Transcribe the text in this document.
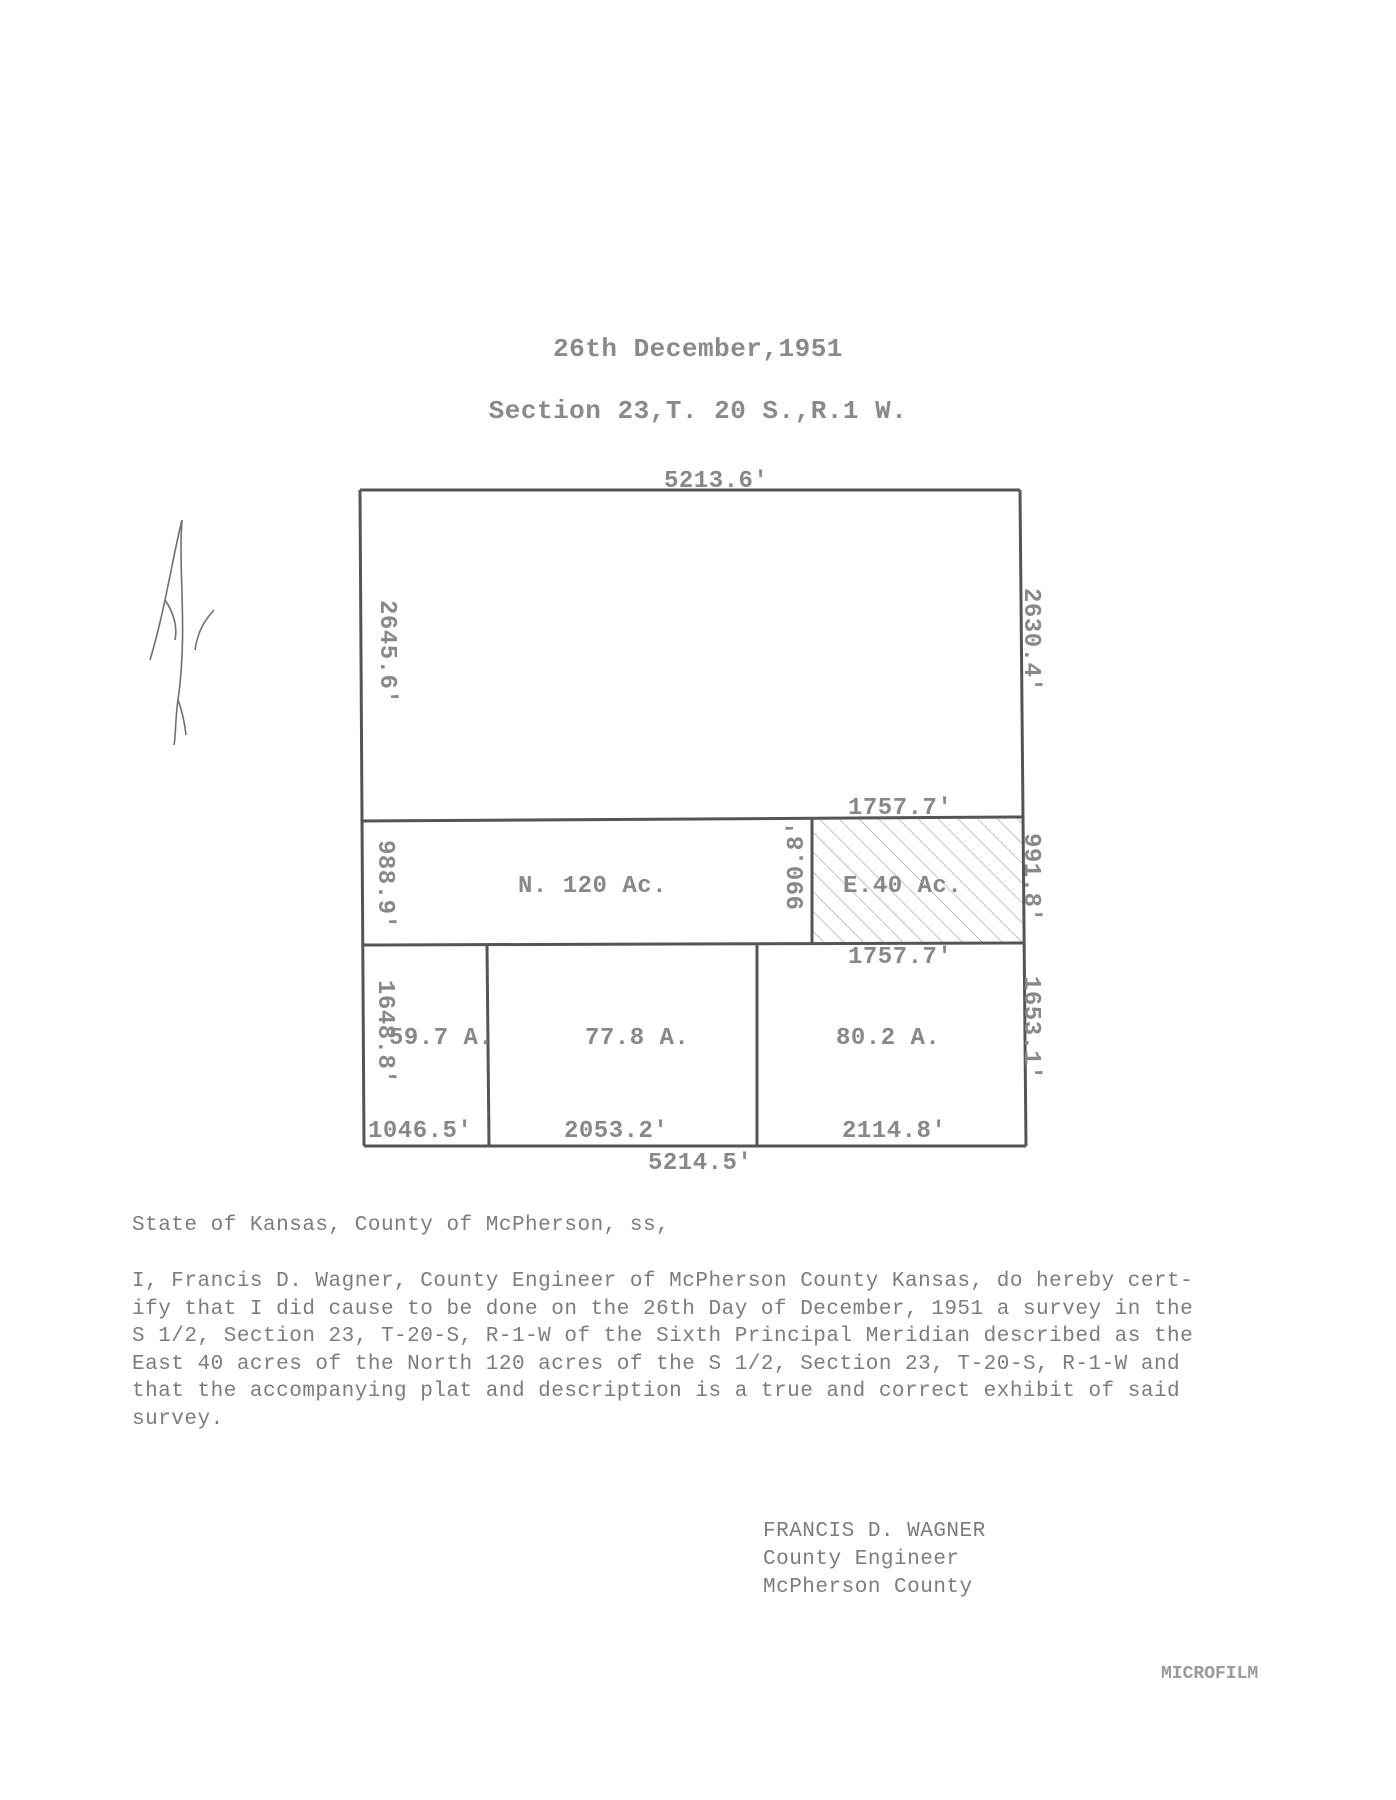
26th December,1951
Section 23,T. 20 S.,R.1 W.
5213.6'
5214.5'
2645.6'	2630.4'
1757.7'
1757.7'
988.9'	991.8'
990.8'
N. 120 Ac.	E.40 Ac.
1648.8'	1653.1'
59.7 A.	77.8 A.	80.2 A.
1046.5'	2053.2'	2114.8'
State of Kansas, County of McPherson, ss,
I, Francis D. Wagner, County Engineer of McPherson County Kansas, do hereby cert-
ify that I did cause to be done on the 26th Day of December, 1951 a survey in the
S 1/2, Section 23, T-20-S, R-1-W of the Sixth Principal Meridian described as the
East 40 acres of the North 120 acres of the S 1/2, Section 23, T-20-S, R-1-W and
that the accompanying plat and description is a true and correct exhibit of said
survey.
FRANCIS D. WAGNER
County Engineer
McPherson County
MICROFILM
